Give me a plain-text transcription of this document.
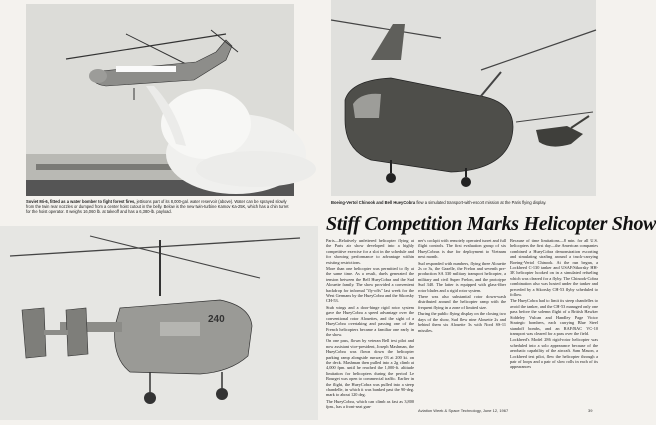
Soviet Mi-6, fitted as a water bomber to fight forest fires, jettisons part of its 8,000-gal. water reservoir (above). Water can be sprayed slowly from the twin rear nozzles or dumped from a center hoist cutout in the belly. Below is the new twin-turbine Kamov Ka-25K, which has a chin turret for the hoist operator. It weighs 16,060 lb. at takeoff and has a 6,380-lb. payload.
240
Boeing-Vertol Chinook and Bell HueyCobra flew a simulated transport-with-escort mission at the Paris flying display.
Stiff Competition Marks Helicopter Show

Paris—Relatively unfettered helicopter flying at the Paris air show developed into a highly competitive exercise for a slot in the schedule and for showing performance to advantage within existing restrictions.

More than one helicopter was permitted to fly at the same time. As a result, duels generated the tension between the Bell HueyCobra and the Sud Alouette family. The show provided a convenient backdrop for informal "fly-offs" last week for the West Germans by the HueyCobra and the Sikorsky CH-53.

Stub wings and a door-hinge rigid rotor system gave the HueyCobra a speed advantage over the conventional rotor Alouettes, and the sight of a HueyCobra overtaking and passing one of the French helicopters became a familiar one early in the show.

On one pass, flown by veteran Bell test pilot and now assistant vice-president, Joseph Mashman, the HueyCobra was flown down the helicopter parking ramp alongside runway 03 at 200 kt. on the deck. Mashman then pulled into a 2g climb at 4,000 fpm. until he reached the 1,000-ft. altitude limitation for helicopters during the period Le Bourget was open to commercial traffic. Earlier in the flight, the HueyCobra was pulled into a steep chandelle, in which it was banked past the 90-deg. mark to about 120 deg.

The HueyCobra, which can climb as fast as 3,800 fpm., has a front-seat gun-

ner's cockpit with remotely operated turret and full flight controls. The first evaluation group of six HueyCobras is due for deployment to Vietnam next month.

Sud responded with numbers, flying three Alouette 2s or 3s, the Gazelle, the Frelon and seventh pre-production SA 330 military transport helicopter, a military and civil Super Frelon, and the prototype Sud 340. The latter is equipped with glass-fiber rotor blades and a rigid rotor system.

There was also substantial rotor down-wash distributed around the helicopter ramp with the frequent flying in a zone of limited size.

During the public flying display on the closing two days of the show, Sud flew nine Alouette 2s and behind them six Alouette 3s with Nord SS-11 missiles.

Because of time limitations—8 min. for all U.S. helicopters the first day—the American companies combined a HueyCobra demonstration escorting and simulating strafing around a truck-carrying Boeing-Vertol Chinook. At the run began, a Lockheed C-130 tanker and USAF/Sikorsky HH-3E helicopter hooked on in a simulated refueling which was cleared for a flyby. The Chinook-Cobra combination also was hosted under the tanker and preceded by a Sikorsky CH-53 flyby scheduled to follow.

The HueyCobra had to limit its steep chandelles to avoid the tanker, and the CH-53 managed only one pass before the solemn flight of a British Hawker Siddeley Vulcan and Handley Page Victor Strategic bombers, each carrying Blue Steel standoff bombs, and an RAF/BAC VC-10 transport was cleared for a pass over the field.

Lockheed's Model 286 rigid-rotor helicopter was scheduled into a solo appearance because of the aerobatic capability of the aircraft. Sam Mason, a Lockheed test pilot, flew the helicopter through a pair of loops and a pair of slow rolls in each of its appearances

Aviation Week & Space Technology, June 12, 1967	39
